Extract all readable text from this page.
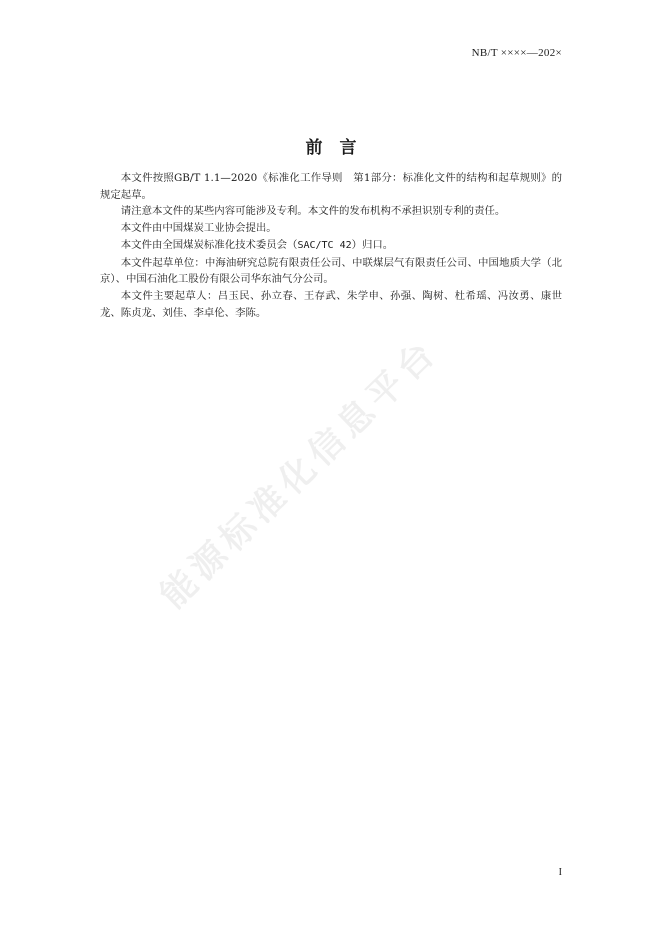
NB/T ××××—202×
前　言

本文件按照GB/T 1.1—2020《标准化工作导则　第1部分：标准化文件的结构和起草规则》的规定起草。

请注意本文件的某些内容可能涉及专利。本文件的发布机构不承担识别专利的责任。

本文件由中国煤炭工业协会提出。

本文件由全国煤炭标准化技术委员会（SAC/TC 42）归口。

本文件起草单位：中海油研究总院有限责任公司、中联煤层气有限责任公司、中国地质大学（北京）、中国石油化工股份有限公司华东油气分公司。

本文件主要起草人：吕玉民、孙立春、王存武、朱学申、孙强、陶树、杜希瑶、冯汝勇、康世龙、陈贞龙、刘佳、李卓伦、李陈。

能源标准化信息平台
I
